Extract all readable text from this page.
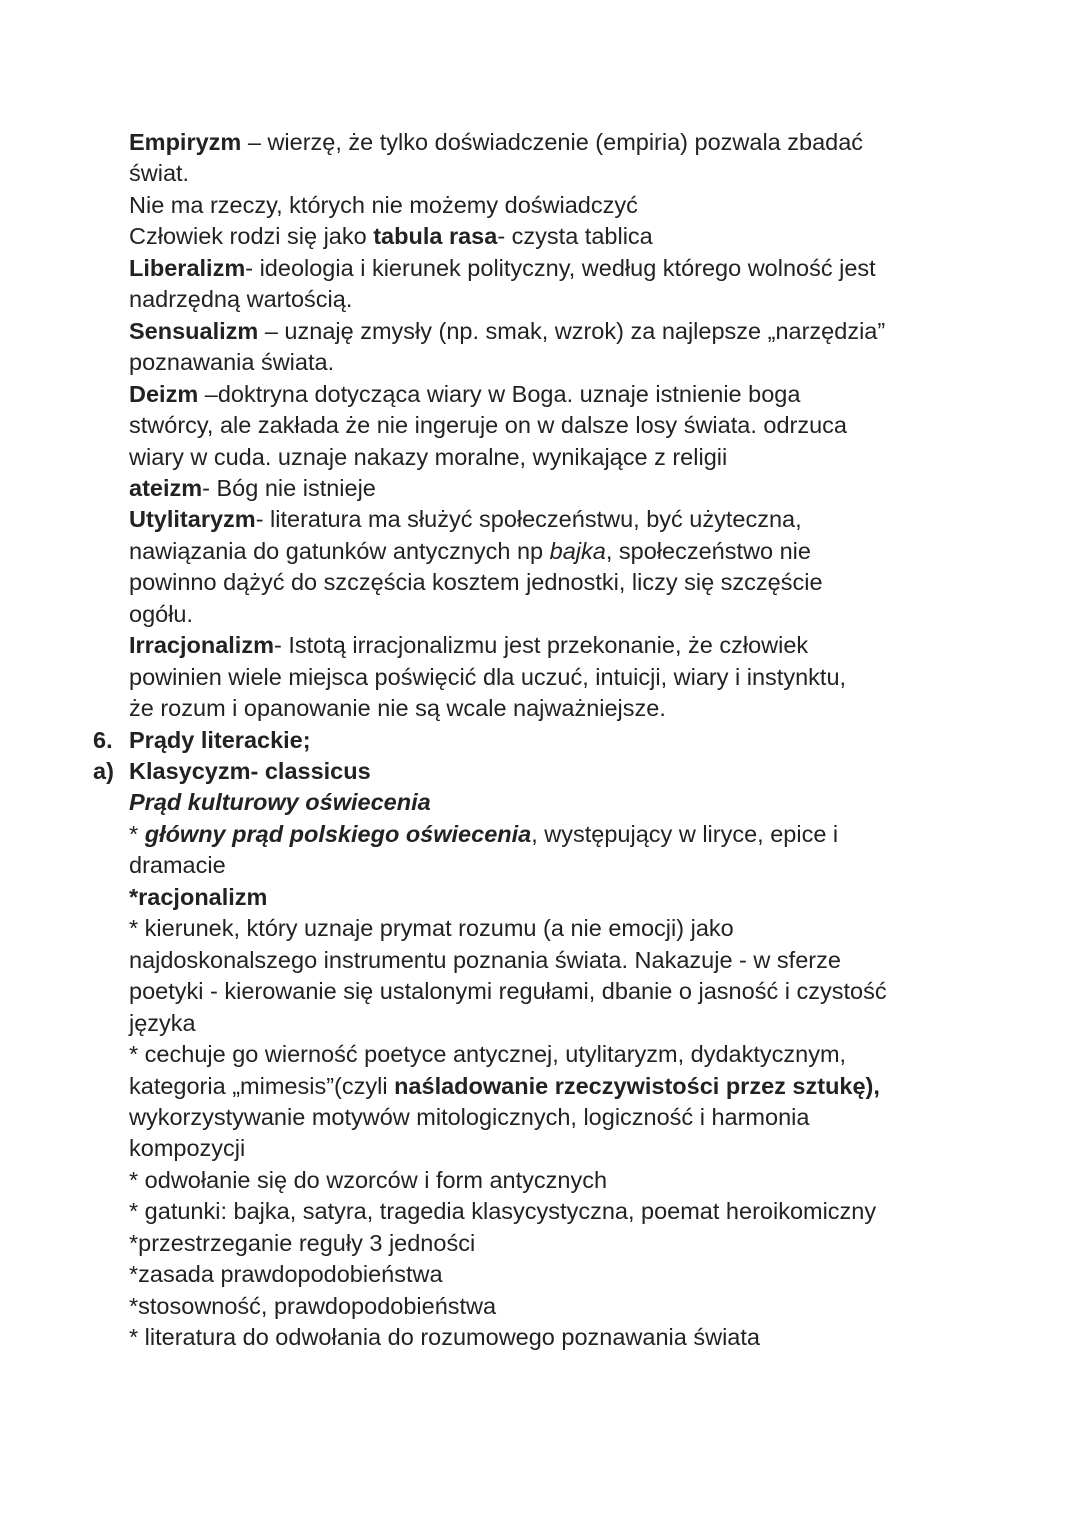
Empiryzm – wierzę, że tylko doświadczenie (empiria) pozwala zbadać
świat.
Nie ma rzeczy, których nie możemy doświadczyć
Człowiek rodzi się jako tabula rasa- czysta tablica
Liberalizm- ideologia i kierunek polityczny, według którego wolność jest
nadrzędną wartością.
Sensualizm – uznaję zmysły (np. smak, wzrok) za najlepsze „narzędzia”
poznawania świata.
Deizm –doktryna dotycząca wiary w Boga. uznaje istnienie boga
stwórcy, ale zakłada że nie ingeruje on w dalsze losy świata. odrzuca
wiary w cuda. uznaje nakazy moralne, wynikające z religii
ateizm- Bóg nie istnieje
Utylitaryzm- literatura ma służyć społeczeństwu, być użyteczna,
nawiązania do gatunków antycznych np bajka, społeczeństwo nie
powinno dążyć do szczęścia kosztem jednostki, liczy się szczęście
ogółu.
Irracjonalizm- Istotą irracjonalizmu jest przekonanie, że człowiek
powinien wiele miejsca poświęcić dla uczuć, intuicji, wiary i instynktu,
że rozum i opanowanie nie są wcale najważniejsze.
Prądy literackie;
Klasycyzm- classicus
Prąd kulturowy oświecenia
* główny prąd polskiego oświecenia, występujący w liryce, epice i
dramacie
*racjonalizm
* kierunek, który uznaje prymat rozumu (a nie emocji) jako
najdoskonalszego instrumentu poznania świata. Nakazuje - w sferze
poetyki - kierowanie się ustalonymi regułami, dbanie o jasność i czystość
języka
* cechuje go wierność poetyce antycznej, utylitaryzm, dydaktycznym,
kategoria „mimesis”(czyli naśladowanie rzeczywistości przez sztukę),
wykorzystywanie motywów mitologicznych, logiczność i harmonia
kompozycji
* odwołanie się do wzorców i form antycznych
* gatunki: bajka, satyra, tragedia klasycystyczna, poemat heroikomiczny
*przestrzeganie reguły 3 jedności
*zasada prawdopodobieństwa
*stosowność, prawdopodobieństwa
* literatura do odwołania do rozumowego poznawania świata
6.
a)
